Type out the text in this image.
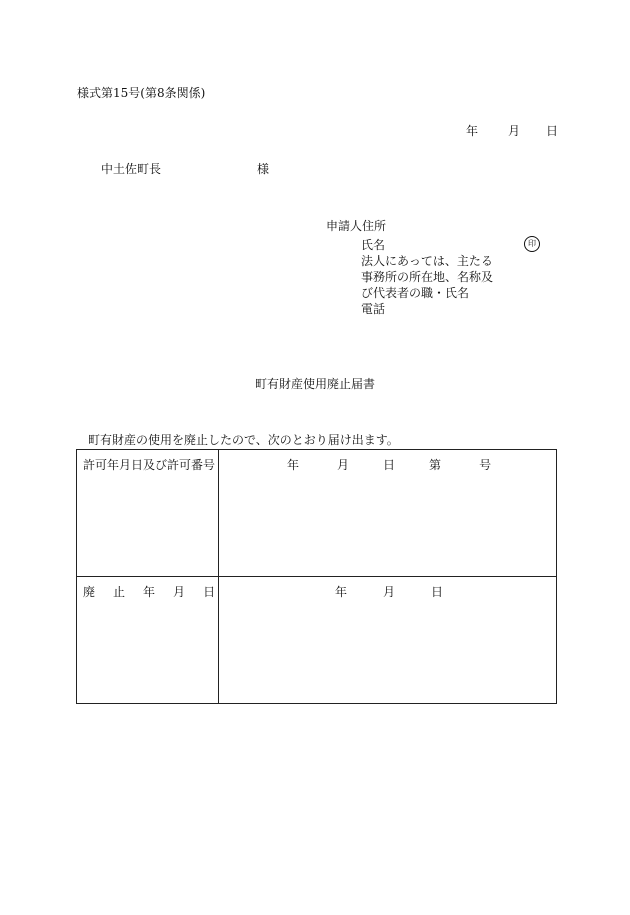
様式第15号(第8条関係)
年	月 日
中土佐町長	様
申請人住所
氏名	印
法人にあっては、主たる
事務所の所在地、名称及
び代表者の職・氏名
電話
町有財産使用廃止届書
町有財産の使用を廃止したので、次のとおり届け出ます。
許可年月日及び許可番号	年	月	日	第	号
廃 止 年 月 日	年	月	日
